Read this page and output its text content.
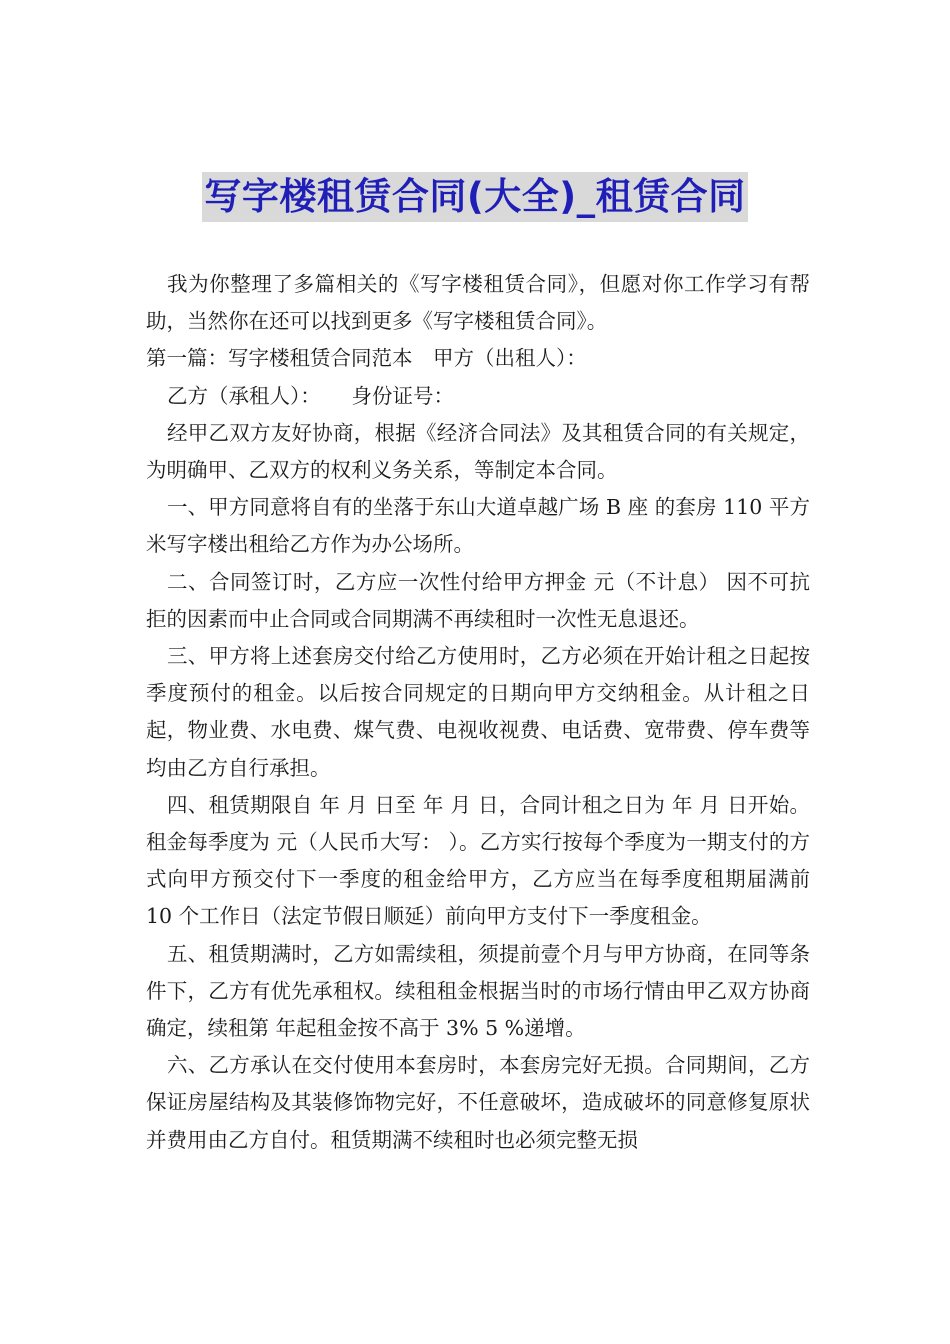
写字楼租赁合同(大全)_租赁合同

我为你整理了多篇相关的《写字楼租赁合同》，但愿对你工作学习有帮助，当然你在还可以找到更多《写字楼租赁合同》。

第一篇：写字楼租赁合同范本　甲方（出租人）：

乙方（承租人）：　　身份证号：

经甲乙双方友好协商，根据《经济合同法》及其租赁合同的有关规定，为明确甲、乙双方的权利义务关系，等制定本合同。

一、甲方同意将自有的坐落于东山大道卓越广场 B 座 的套房 110 平方米写字楼出租给乙方作为办公场所。

二、合同签订时，乙方应一次性付给甲方押金 元（不计息） 因不可抗拒的因素而中止合同或合同期满不再续租时一次性无息退还。

三、甲方将上述套房交付给乙方使用时，乙方必须在开始计租之日起按季度预付的租金。以后按合同规定的日期向甲方交纳租金。从计租之日起，物业费、水电费、煤气费、电视收视费、电话费、宽带费、停车费等均由乙方自行承担。

四、租赁期限自 年 月 日至 年 月 日，合同计租之日为 年 月 日开始。租金每季度为 元（人民币大写： ）。乙方实行按每个季度为一期支付的方式向甲方预交付下一季度的租金给甲方，乙方应当在每季度租期届满前 10 个工作日（法定节假日顺延）前向甲方支付下一季度租金。

五、租赁期满时，乙方如需续租，须提前壹个月与甲方协商，在同等条件下，乙方有优先承租权。续租租金根据当时的市场行情由甲乙双方协商确定，续租第 年起租金按不高于 3% 5 %递增。

六、乙方承认在交付使用本套房时，本套房完好无损。合同期间，乙方保证房屋结构及其装修饰物完好，不任意破坏，造成破坏的同意修复原状并费用由乙方自付。租赁期满不续租时也必须完整无损
